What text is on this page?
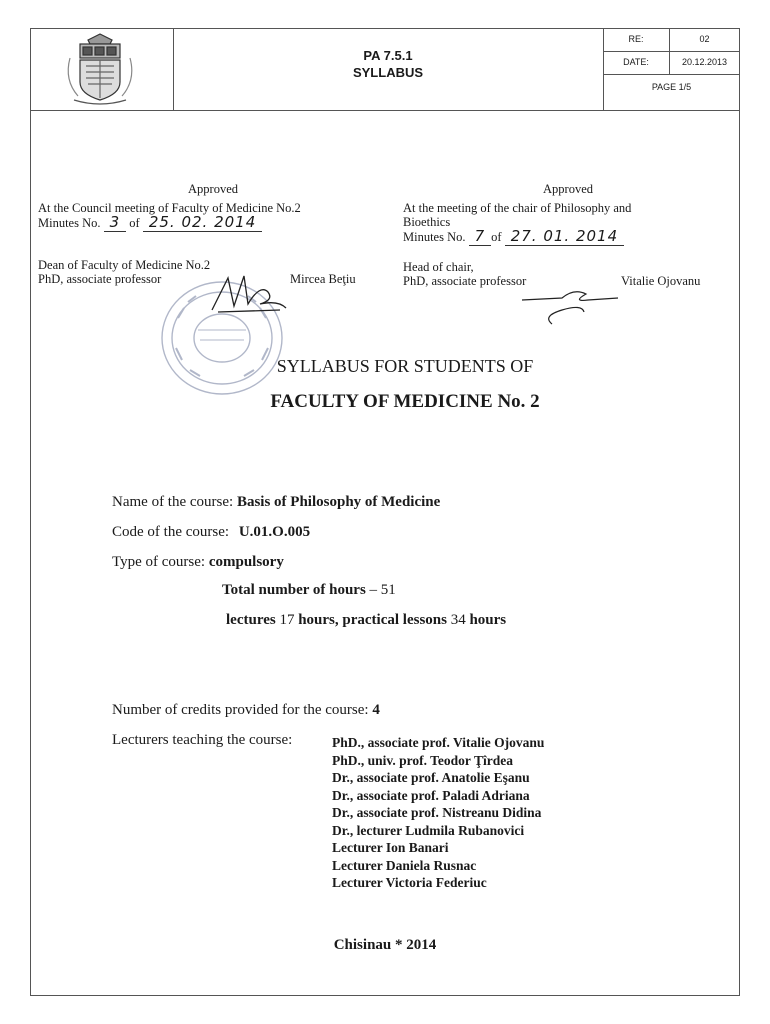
PA 7.5.1
SYLLABUS
RE:	02
DATE:	20.12.2013
PAGE 1/5
Approved
At the Council meeting of Faculty of Medicine No.2
Minutes No. 3 of 25. 02. 2014
Dean of Faculty of Medicine No.2
PhD, associate professor	Mircea Beţiu
Approved
At the meeting of the chair of Philosophy and
Bioethics
Minutes No. 7 of 27. 01. 2014
Head of chair,
PhD, associate professor	Vitalie Ojovanu
SYLLABUS FOR STUDENTS OF
FACULTY OF MEDICINE No. 2
Name of the course: Basis of Philosophy of Medicine
Code of the course: U.01.O.005
Type of course: compulsory
Total number of hours – 51
lectures 17 hours, practical lessons 34 hours
Number of credits provided for the course: 4
Lecturers teaching the course:	PhD., associate prof. Vitalie Ojovanu
PhD., univ. prof. Teodor Ţîrdea
Dr., associate prof. Anatolie Eşanu
Dr., associate prof. Paladi Adriana
Dr., associate prof. Nistreanu Didina
Dr., lecturer Ludmila Rubanovici
Lecturer Ion Banari
Lecturer Daniela Rusnac
Lecturer Victoria Federiuc
Chisinau * 2014
